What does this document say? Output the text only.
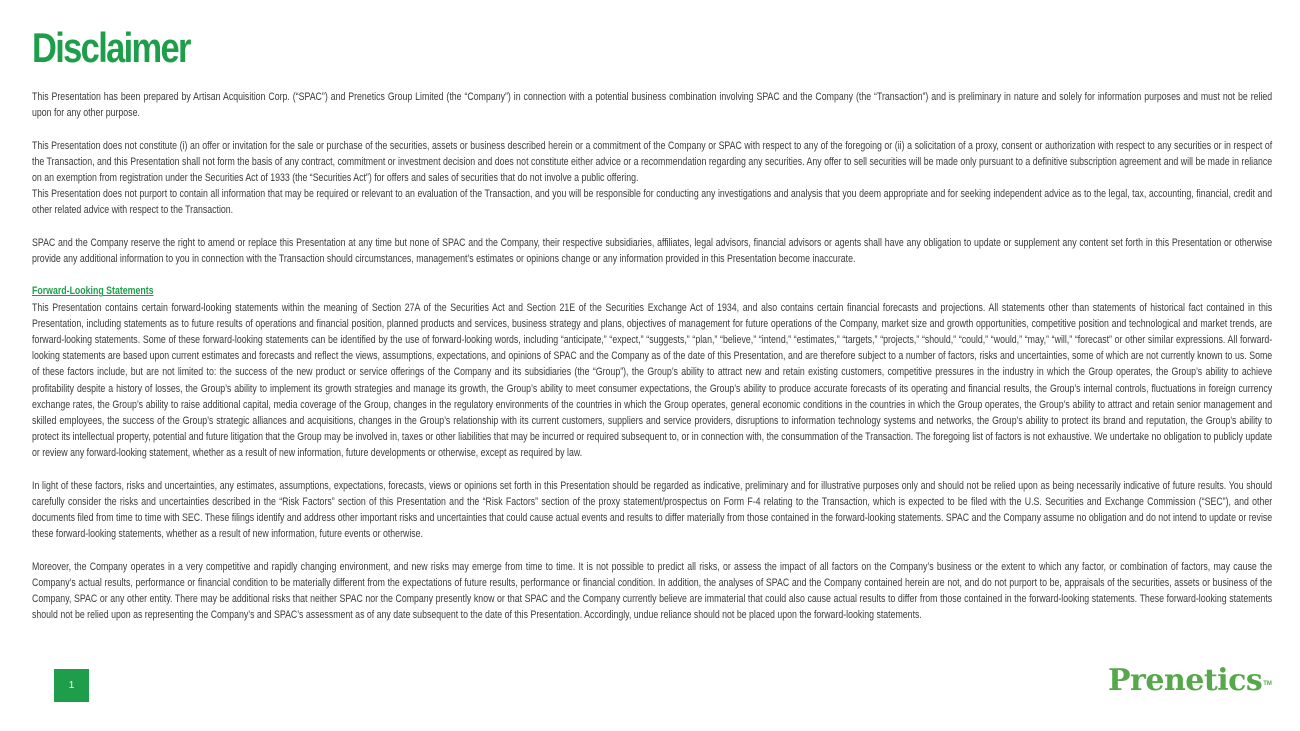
Disclaimer

This Presentation has been prepared by Artisan Acquisition Corp. (“SPAC”) and Prenetics Group Limited (the “Company”) in connection with a potential business combination involving SPAC and the Company (the “Transaction”) and is preliminary in nature and solely for information purposes and must not be relied upon for any other purpose.

This Presentation does not constitute (i) an offer or invitation for the sale or purchase of the securities, assets or business described herein or a commitment of the Company or SPAC with respect to any of the foregoing or (ii) a solicitation of a proxy, consent or authorization with respect to any securities or in respect of the Transaction, and this Presentation shall not form the basis of any contract, commitment or investment decision and does not constitute either advice or a recommendation regarding any securities. Any offer to sell securities will be made only pursuant to a definitive subscription agreement and will be made in reliance on an exemption from registration under the Securities Act of 1933 (the “Securities Act”) for offers and sales of securities that do not involve a public offering.

This Presentation does not purport to contain all information that may be required or relevant to an evaluation of the Transaction, and you will be responsible for conducting any investigations and analysis that you deem appropriate and for seeking independent advice as to the legal, tax, accounting, financial, credit and other related advice with respect to the Transaction.

SPAC and the Company reserve the right to amend or replace this Presentation at any time but none of SPAC and the Company, their respective subsidiaries, affiliates, legal advisors, financial advisors or agents shall have any obligation to update or supplement any content set forth in this Presentation or otherwise provide any additional information to you in connection with the Transaction should circumstances, management’s estimates or opinions change or any information provided in this Presentation become inaccurate.

Forward-Looking Statements

This Presentation contains certain forward-looking statements within the meaning of Section 27A of the Securities Act and Section 21E of the Securities Exchange Act of 1934, and also contains certain financial forecasts and projections. All statements other than statements of historical fact contained in this Presentation, including statements as to future results of operations and financial position, planned products and services, business strategy and plans, objectives of management for future operations of the Company, market size and growth opportunities, competitive position and technological and market trends, are forward-looking statements. Some of these forward-looking statements can be identified by the use of forward-looking words, including “anticipate,” “expect,” “suggests,” “plan,” “believe,” “intend,” “estimates,” “targets,” “projects,” “should,” “could,” “would,” “may,” “will,” “forecast” or other similar expressions. All forward-looking statements are based upon current estimates and forecasts and reflect the views, assumptions, expectations, and opinions of SPAC and the Company as of the date of this Presentation, and are therefore subject to a number of factors, risks and uncertainties, some of which are not currently known to us. Some of these factors include, but are not limited to: the success of the new product or service offerings of the Company and its subsidiaries (the “Group”), the Group’s ability to attract new and retain existing customers, competitive pressures in the industry in which the Group operates, the Group’s ability to achieve profitability despite a history of losses, the Group’s ability to implement its growth strategies and manage its growth, the Group’s ability to meet consumer expectations, the Group’s ability to produce accurate forecasts of its operating and financial results, the Group’s internal controls, fluctuations in foreign currency exchange rates, the Group’s ability to raise additional capital, media coverage of the Group, changes in the regulatory environments of the countries in which the Group operates, general economic conditions in the countries in which the Group operates, the Group’s ability to attract and retain senior management and skilled employees, the success of the Group’s strategic alliances and acquisitions, changes in the Group’s relationship with its current customers, suppliers and service providers, disruptions to information technology systems and networks, the Group’s ability to protect its brand and reputation, the Group’s ability to protect its intellectual property, potential and future litigation that the Group may be involved in, taxes or other liabilities that may be incurred or required subsequent to, or in connection with, the consummation of the Transaction. The foregoing list of factors is not exhaustive. We undertake no obligation to publicly update or review any forward-looking statement, whether as a result of new information, future developments or otherwise, except as required by law.

In light of these factors, risks and uncertainties, any estimates, assumptions, expectations, forecasts, views or opinions set forth in this Presentation should be regarded as indicative, preliminary and for illustrative purposes only and should not be relied upon as being necessarily indicative of future results. You should carefully consider the risks and uncertainties described in the “Risk Factors” section of this Presentation and the “Risk Factors” section of the proxy statement/prospectus on Form F-4 relating to the Transaction, which is expected to be filed with the U.S. Securities and Exchange Commission (“SEC”), and other documents filed from time to time with SEC. These filings identify and address other important risks and uncertainties that could cause actual events and results to differ materially from those contained in the forward-looking statements. SPAC and the Company assume no obligation and do not intend to update or revise these forward-looking statements, whether as a result of new information, future events or otherwise.

Moreover, the Company operates in a very competitive and rapidly changing environment, and new risks may emerge from time to time. It is not possible to predict all risks, or assess the impact of all factors on the Company’s business or the extent to which any factor, or combination of factors, may cause the Company’s actual results, performance or financial condition to be materially different from the expectations of future results, performance or financial condition. In addition, the analyses of SPAC and the Company contained herein are not, and do not purport to be, appraisals of the securities, assets or business of the Company, SPAC or any other entity. There may be additional risks that neither SPAC nor the Company presently know or that SPAC and the Company currently believe are immaterial that could also cause actual results to differ from those contained in the forward-looking statements. These forward-looking statements should not be relied upon as representing the Company’s and SPAC’s assessment as of any date subsequent to the date of this Presentation. Accordingly, undue reliance should not be placed upon the forward-looking statements.

1	Prenetics TM
